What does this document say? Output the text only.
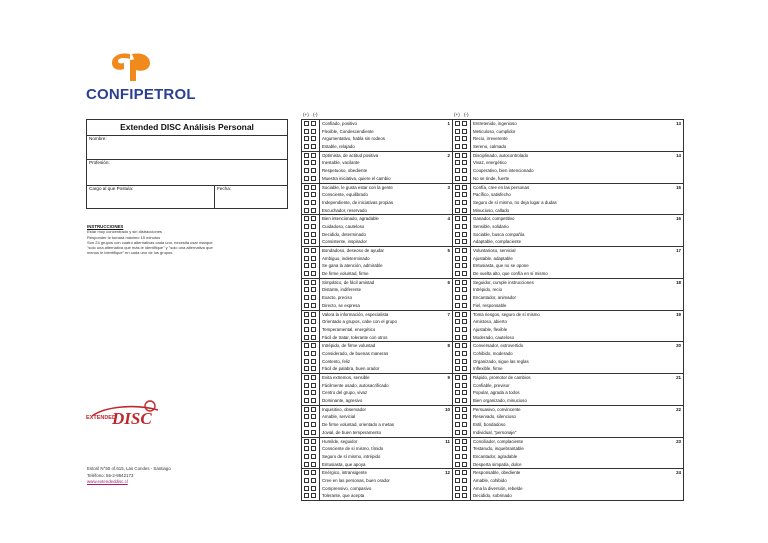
CONFIPETROL
Extended DISC Análisis Personal
Nombre:
Profesión:
Cargo al que Postula:	Fecha:
INSTRUCCIONES
Estar muy concentrado y sin distracciones
Responder le tomará máximo 15 minutos
Son 24 grupos con cuatro alternativas cada uno, necesita usar marque
"solo una alternativa que más le identifique" y "solo una alternativa que
menos le identifique" en cada uno de los grupos.
EXTENDED
DISC
Estoril N°50 of.615, Las Condes - Santiago
Teléfono: 56-2-9542173
www.extendeddisc.cl
(+) (-)	(+) (-)
Confiado, positivo	1
Flexible, Condescendiente
Argumentativo, habla sin rodeos
Estable, relajado
Optimista, de actitud positiva	2
Inestable, vacilante
Respetuoso, obediente
Muestra iniciativa, quiere el cambio
Sociable, le gusta estar con la gente	3
Consciente, equilibrado
Independiente, de iniciativas propias
Escuchador, reservado
Bien intencionado, agradable	4
Cuidadoso, cauteloso
Decidido, determinado
Consistente, inspirador
Bondadoso, deseoso de ayudar	5
Ambiguo, indeterminado
Se gana la atención, admirable
De firme voluntad, firme
Simpático, de fácil amistad	6
Distante, indiferente
Exacto, preciso
Directo, se expresa
Valora la información, especialista	7
Orientado a grupos, cabe con el grupo
Temperamental, energético
Fácil de tratar, tolerante con otros
Intrépido, de firme voluntad	8
Considerado, de buenas maneras
Contento, feliz
Fácil de palabra, buen orador
Evita extremos, sensible	9
Fácilmente usado, autosacrificado
Centro del grupo, vivaz
Dominante, agresivo
Inquisitivo, observador	10
Amable, servicial
De firme voluntad, orientado a metas
Jovial, de buen temperamento
Humilde, seguidor	11
Consciente de sí mismo, tímido
Seguro de sí mismo, intrépido
Entusiasta, que apoya
Enérgico, intransigente	12
Cree en las personas, buen orador
Comprensivo, compasivo
Tolerante, que acepta
Entretenido, ingenioso	13
Meticuloso, cumplidor
Recio, irreverente
Sereno, calmado
Disciplinado, autocontrolado	14
Vivaz, energético
Cooperativo, bien intencionado
No se rinde, fuerte
Confía, cree en las personas	15
Pacífico, satisfecho
Seguro de sí mismo, no deja lugar a dudas
Minucioso, callado
Ganador, competitivo	16
Sensible, solidario
Sociable, busca compañía
Adaptable, complaciente
Voluntarioso, servicial	17
Ajustable, adaptable
Entusiasta, que no se opone
De vuelta alto, que confía en sí mismo
Seguidor, cumple instrucciones	18
Intrépido, recio
Encantador, animador
Fiel, responsable
Toma riesgos, seguro de sí mismo	19
Amistoso, abierto
Ajustable, flexible
Moderado, cauteloso
Conversador, extrovertido	20
Cohibido, moderado
Organizado, sigue las reglas
Inflexible, firme
Rápido, promotor de cambios	21
Confiable, previsor
Popular, agrada a todos
Bien organizado, minucioso
Persuasivo, convincente	22
Reservado, silencioso
Estil, bondadoso
Individual, "personaje"
Conciliador, complaciente	23
Testarudo, inquebrantable
Encantador, agradable
Desperta simpatía, dulce
Responsable, obediente	24
Amable, cohibido
Ama la diversión, rebelde
Decidido, sobrinado
